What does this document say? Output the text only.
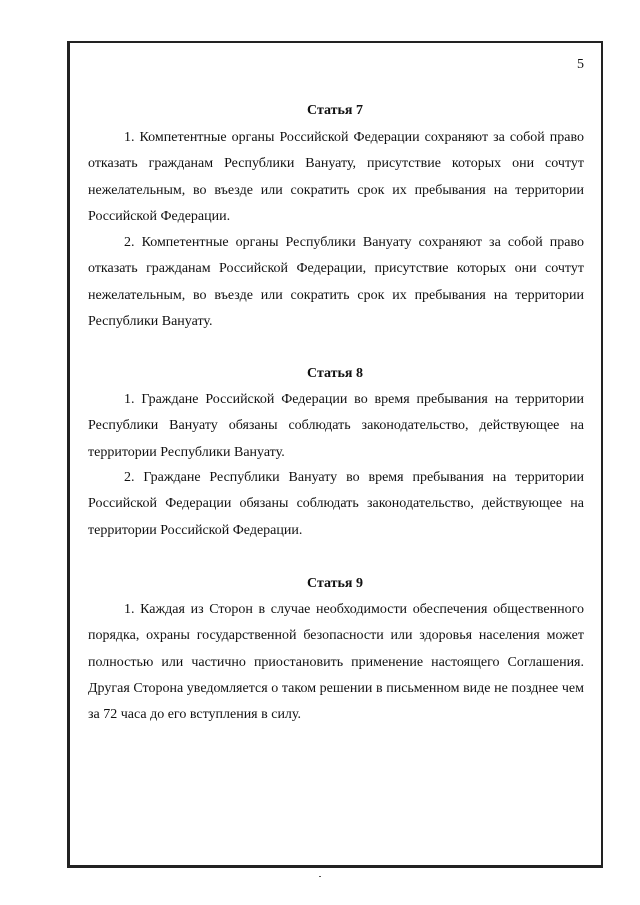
5
Статья 7

1. Компетентные органы Российской Федерации сохраняют за собой право отказать гражданам Республики Вануату, присутствие которых они сочтут нежелательным, во въезде или сократить срок их пребывания на территории Российской Федерации.

2. Компетентные органы Республики Вануату сохраняют за собой право отказать гражданам Российской Федерации, присутствие которых они сочтут нежелательным, во въезде или сократить срок их пребывания на территории Республики Вануату.

Статья 8

1. Граждане Российской Федерации во время пребывания на территории Республики Вануату обязаны соблюдать законодательство, действующее на территории Республики Вануату.

2. Граждане Республики Вануату во время пребывания на территории Российской Федерации обязаны соблюдать законодательство, действующее на территории Российской Федерации.

Статья 9

1. Каждая из Сторон в случае необходимости обеспечения общественного порядка, охраны государственной безопасности или здоровья населения может полностью или частично приостановить применение настоящего Соглашения. Другая Сторона уведомляется о таком решении в письменном виде не позднее чем за 72 часа до его вступления в силу.
